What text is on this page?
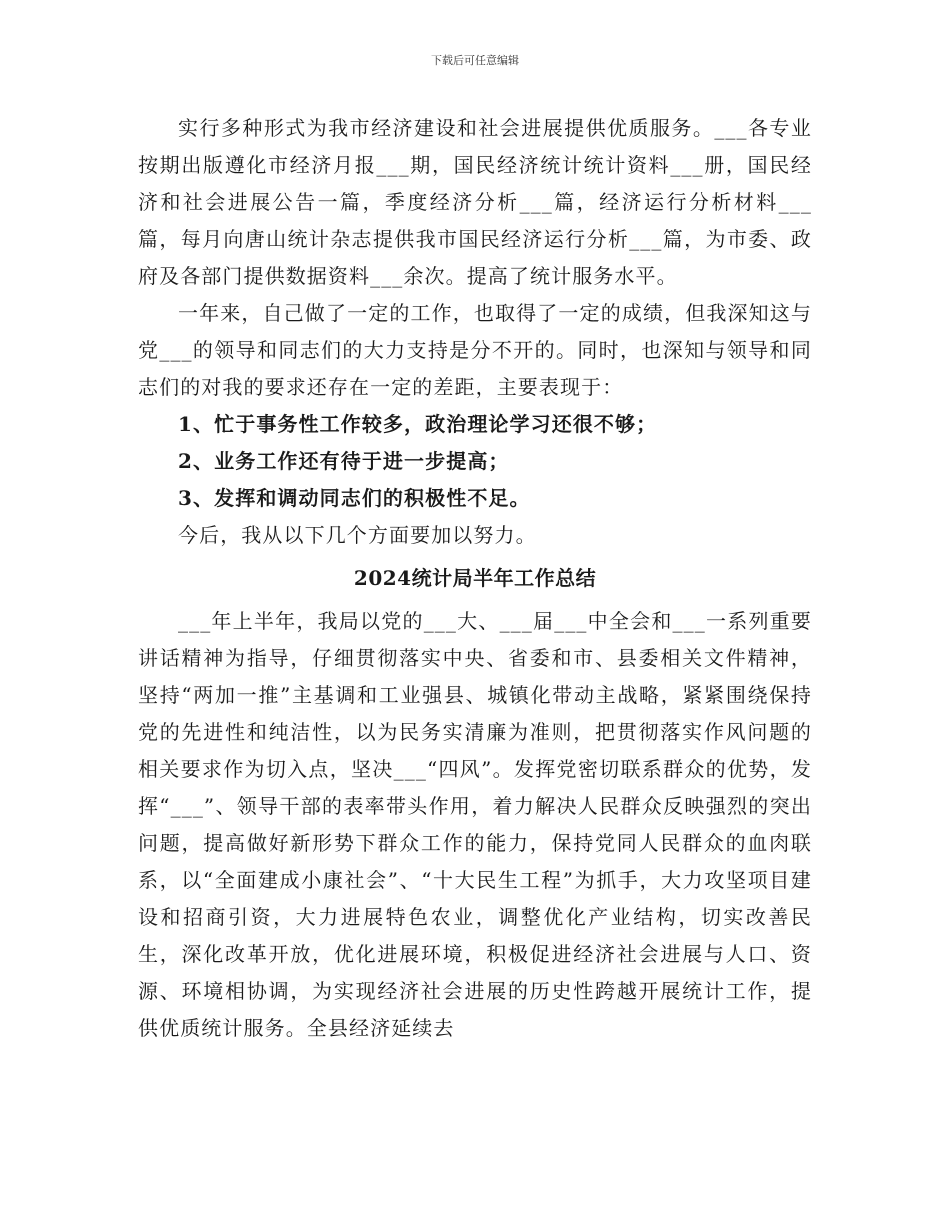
下载后可任意编辑

实行多种形式为我市经济建设和社会进展提供优质服务。___各专业按期出版遵化市经济月报___期，国民经济统计统计资料___册，国民经济和社会进展公告一篇，季度经济分析___篇，经济运行分析材料___篇，每月向唐山统计杂志提供我市国民经济运行分析___篇，为市委、政府及各部门提供数据资料___余次。提高了统计服务水平。

一年来，自己做了一定的工作，也取得了一定的成绩，但我深知这与党___的领导和同志们的大力支持是分不开的。同时，也深知与领导和同志们的对我的要求还存在一定的差距，主要表现于：

1、忙于事务性工作较多，政治理论学习还很不够；

2、业务工作还有待于进一步提高；

3、发挥和调动同志们的积极性不足。

今后，我从以下几个方面要加以努力。

2024统计局半年工作总结

___年上半年，我局以党的___大、___届___中全会和___一系列重要讲话精神为指导，仔细贯彻落实中央、省委和市、县委相关文件精神，坚持“两加一推”主基调和工业强县、城镇化带动主战略，紧紧围绕保持党的先进性和纯洁性，以为民务实清廉为准则，把贯彻落实作风问题的相关要求作为切入点，坚决___“四风”。发挥党密切联系群众的优势，发挥“___”、领导干部的表率带头作用，着力解决人民群众反映强烈的突出问题，提高做好新形势下群众工作的能力，保持党同人民群众的血肉联系，以“全面建成小康社会”、“十大民生工程”为抓手，大力攻坚项目建设和招商引资，大力进展特色农业，调整优化产业结构，切实改善民生，深化改革开放，优化进展环境，积极促进经济社会进展与人口、资源、环境相协调，为实现经济社会进展的历史性跨越开展统计工作，提供优质统计服务。全县经济延续去
